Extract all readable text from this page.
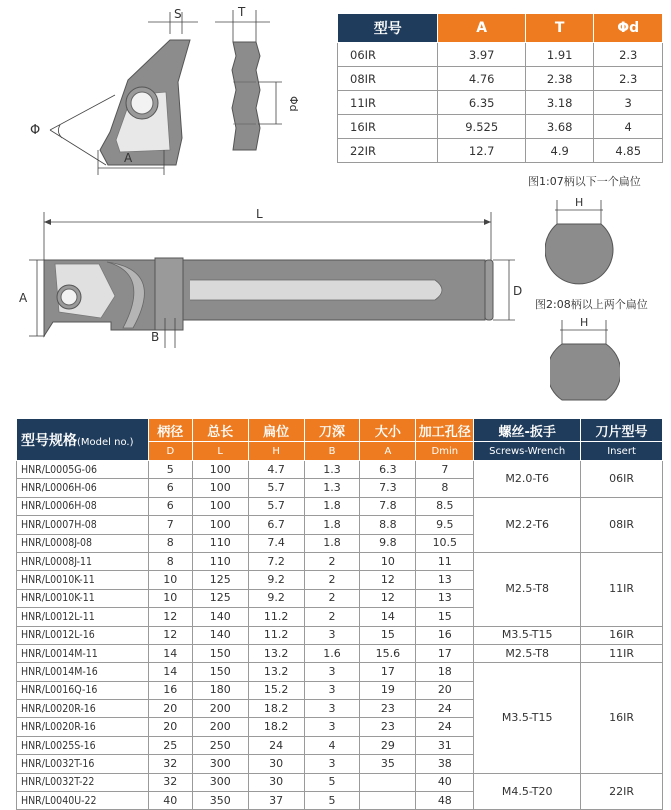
S
Φ
A
T
Φd
型号	A	T	Φd
06IR	3.97	1.91	2.3
08IR	4.76	2.38	2.3
11IR	6.35	3.18	3
16IR	9.525	3.68	4
22IR	12.7	4.9	4.85
图1:07柄以下一个扁位
L
A
B
D
H
图2:08柄以上两个扁位
H
型号规格(Model no.)	柄径	总长	扁位	刀深	大小	加工孔径	螺丝-扳手	刀片型号
	D	L	H	B	A	Dmin	Screws-Wrench	Insert
HNR/L0005G-06	5	100	4.7	1.3	6.3	7	M2.0-T6	06IR
HNR/L0006H-06	6	100	5.7	1.3	7.3	8		
HNR/L0006H-08	6	100	5.7	1.8	7.8	8.5	M2.2-T6	08IR
HNR/L0007H-08	7	100	6.7	1.8	8.8	9.5		
HNR/L0008J-08	8	110	7.4	1.8	9.8	10.5		
HNR/L0008J-11	8	110	7.2	2	10	11	M2.5-T8	11IR
HNR/L0010K-11	10	125	9.2	2	12	13		
HNR/L0010K-11	10	125	9.2	2	12	13		
HNR/L0012L-11	12	140	11.2	2	14	15		
HNR/L0012L-16	12	140	11.2	3	15	16	M3.5-T15	16IR
HNR/L0014M-11	14	150	13.2	1.6	15.6	17	M2.5-T8	11IR
HNR/L0014M-16	14	150	13.2	3	17	18	M3.5-T15	16IR
HNR/L0016Q-16	16	180	15.2	3	19	20		
HNR/L0020R-16	20	200	18.2	3	23	24		
HNR/L0020R-16	20	200	18.2	3	23	24		
HNR/L0025S-16	25	250	24	4	29	31		
HNR/L0032T-16	32	300	30	3	35	38		
HNR/L0032T-22	32	300	30	5		40	M4.5-T20	22IR
HNR/L0040U-22	40	350	37	5		48		
